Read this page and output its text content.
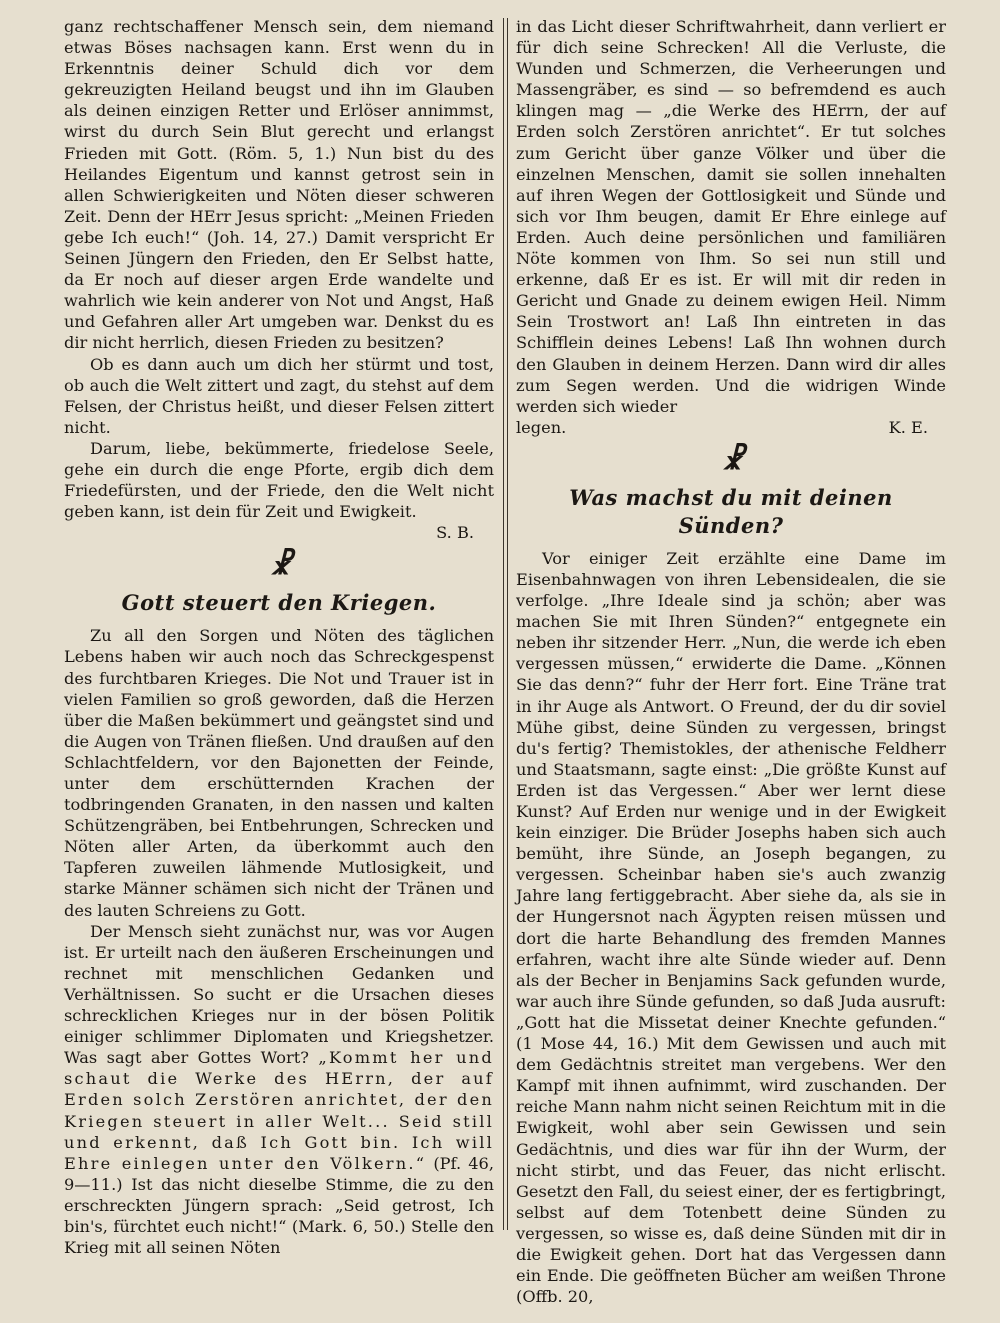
ganz rechtschaffener Mensch sein, dem niemand etwas Böses nachsagen kann. Erst wenn du in Erkenntnis deiner Schuld dich vor dem gekreuzigten Heiland beugst und ihn im Glauben als deinen einzigen Retter und Erlöser annimmst, wirst du durch Sein Blut gerecht und erlangst Frieden mit Gott. (Röm. 5, 1.) Nun bist du des Heilandes Eigentum und kannst getrost sein in allen Schwierigkeiten und Nöten dieser schweren Zeit. Denn der HErr Jesus spricht: „Meinen Frieden gebe Ich euch!“ (Joh. 14, 27.) Damit verspricht Er Seinen Jüngern den Frieden, den Er Selbst hatte, da Er noch auf dieser argen Erde wandelte und wahrlich wie kein anderer von Not und Angst, Haß und Gefahren aller Art umgeben war. Denkst du es dir nicht herrlich, diesen Frieden zu besitzen?

Ob es dann auch um dich her stürmt und tost, ob auch die Welt zittert und zagt, du stehst auf dem Felsen, der Christus heißt, und dieser Felsen zittert nicht.

Darum, liebe, bekümmerte, friedelose Seele, gehe ein durch die enge Pforte, ergib dich dem Friedefürsten, und der Friede, den die Welt nicht geben kann, ist dein für Zeit und Ewigkeit.

S. B.
☧
Gott steuert den Kriegen.

Zu all den Sorgen und Nöten des täglichen Lebens haben wir auch noch das Schreckgespenst des furchtbaren Krieges. Die Not und Trauer ist in vielen Familien so groß geworden, daß die Herzen über die Maßen bekümmert und geängstet sind und die Augen von Tränen fließen. Und draußen auf den Schlachtfeldern, vor den Bajonetten der Feinde, unter dem erschütternden Krachen der todbringenden Granaten, in den nassen und kalten Schützengräben, bei Entbehrungen, Schrecken und Nöten aller Arten, da überkommt auch den Tapferen zuweilen lähmende Mutlosigkeit, und starke Männer schämen sich nicht der Tränen und des lauten Schreiens zu Gott.

Der Mensch sieht zunächst nur, was vor Augen ist. Er urteilt nach den äußeren Erscheinungen und rechnet mit menschlichen Gedanken und Verhältnissen. So sucht er die Ursachen dieses schrecklichen Krieges nur in der bösen Politik einiger schlimmer Diplomaten und Kriegshetzer. Was sagt aber Gottes Wort? „Kommt her und schaut die Werke des HErrn, der auf Erden solch Zerstören anrichtet, der den Kriegen steuert in aller Welt... Seid still und erkennt, daß Ich Gott bin. Ich will Ehre einlegen unter den Völkern.“ (Pf. 46, 9—11.) Ist das nicht dieselbe Stimme, die zu den erschreckten Jüngern sprach: „Seid getrost, Ich bin's, fürchtet euch nicht!“ (Mark. 6, 50.) Stelle den Krieg mit all seinen Nöten

in das Licht dieser Schriftwahrheit, dann verliert er für dich seine Schrecken! All die Verluste, die Wunden und Schmerzen, die Verheerungen und Massengräber, es sind — so befremdend es auch klingen mag — „die Werke des HErrn, der auf Erden solch Zerstören anrichtet“. Er tut solches zum Gericht über ganze Völker und über die einzelnen Menschen, damit sie sollen innehalten auf ihren Wegen der Gottlosigkeit und Sünde und sich vor Ihm beugen, damit Er Ehre einlege auf Erden. Auch deine persönlichen und familiären Nöte kommen von Ihm. So sei nun still und erkenne, daß Er es ist. Er will mit dir reden in Gericht und Gnade zu deinem ewigen Heil. Nimm Sein Trostwort an! Laß Ihn eintreten in das Schifflein deines Lebens! Laß Ihn wohnen durch den Glauben in deinem Herzen. Dann wird dir alles zum Segen werden. Und die widrigen Winde werden sich wieder

legen.	K. E.
☧
Was machst du mit deinen Sünden?

Vor einiger Zeit erzählte eine Dame im Eisenbahnwagen von ihren Lebensidealen, die sie verfolge. „Ihre Ideale sind ja schön; aber was machen Sie mit Ihren Sünden?“ entgegnete ein neben ihr sitzender Herr. „Nun, die werde ich eben vergessen müssen,“ erwiderte die Dame. „Können Sie das denn?“ fuhr der Herr fort. Eine Träne trat in ihr Auge als Antwort. O Freund, der du dir soviel Mühe gibst, deine Sünden zu vergessen, bringst du's fertig? Themistokles, der athenische Feldherr und Staatsmann, sagte einst: „Die größte Kunst auf Erden ist das Vergessen.“ Aber wer lernt diese Kunst? Auf Erden nur wenige und in der Ewigkeit kein einziger. Die Brüder Josephs haben sich auch bemüht, ihre Sünde, an Joseph begangen, zu vergessen. Scheinbar haben sie's auch zwanzig Jahre lang fertiggebracht. Aber siehe da, als sie in der Hungersnot nach Ägypten reisen müssen und dort die harte Behandlung des fremden Mannes erfahren, wacht ihre alte Sünde wieder auf. Denn als der Becher in Benjamins Sack gefunden wurde, war auch ihre Sünde gefunden, so daß Juda ausruft: „Gott hat die Missetat deiner Knechte gefunden.“ (1 Mose 44, 16.) Mit dem Gewissen und auch mit dem Gedächtnis streitet man vergebens. Wer den Kampf mit ihnen aufnimmt, wird zuschanden. Der reiche Mann nahm nicht seinen Reichtum mit in die Ewigkeit, wohl aber sein Gewissen und sein Gedächtnis, und dies war für ihn der Wurm, der nicht stirbt, und das Feuer, das nicht erlischt. Gesetzt den Fall, du seiest einer, der es fertigbringt, selbst auf dem Totenbett deine Sünden zu vergessen, so wisse es, daß deine Sünden mit dir in die Ewigkeit gehen. Dort hat das Vergessen dann ein Ende. Die geöffneten Bücher am weißen Throne (Offb. 20,
